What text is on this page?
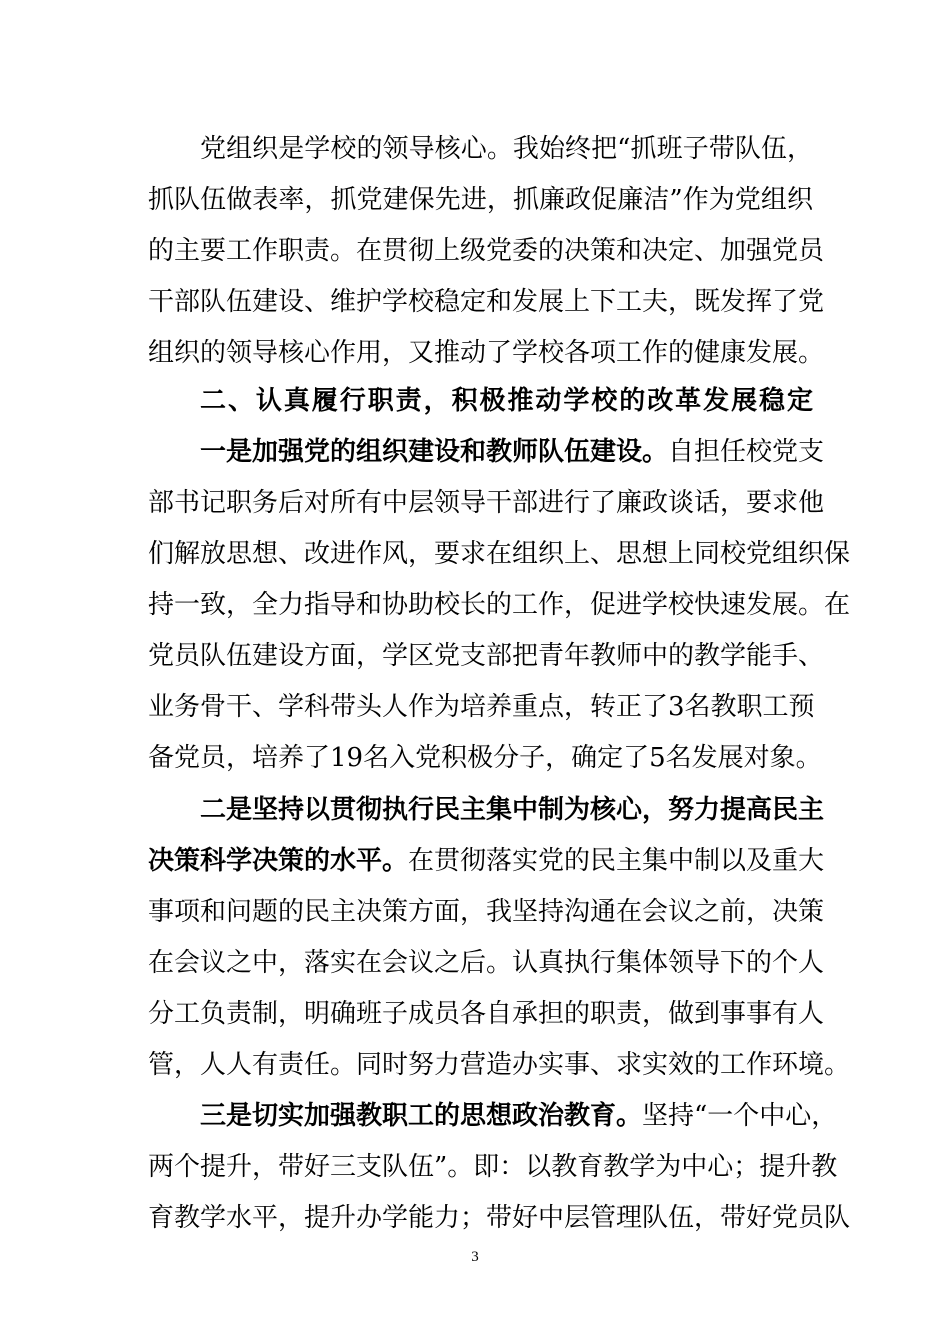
党组织是学校的领导核心。我始终把“抓班子带队伍，
抓队伍做表率，抓党建保先进，抓廉政促廉洁”作为党组织
的主要工作职责。在贯彻上级党委的决策和决定、加强党员
干部队伍建设、维护学校稳定和发展上下工夫，既发挥了党
组织的领导核心作用，又推动了学校各项工作的健康发展。
二、认真履行职责，积极推动学校的改革发展稳定
一是加强党的组织建设和教师队伍建设。自担任校党支
部书记职务后对所有中层领导干部进行了廉政谈话，要求他
们解放思想、改进作风，要求在组织上、思想上同校党组织保
持一致，全力指导和协助校长的工作，促进学校快速发展。在
党员队伍建设方面，学区党支部把青年教师中的教学能手、
业务骨干、学科带头人作为培养重点，转正了3名教职工预
备党员，培养了19名入党积极分子，确定了5名发展对象。
二是坚持以贯彻执行民主集中制为核心，努力提高民主
决策科学决策的水平。在贯彻落实党的民主集中制以及重大
事项和问题的民主决策方面，我坚持沟通在会议之前，决策
在会议之中，落实在会议之后。认真执行集体领导下的个人
分工负责制，明确班子成员各自承担的职责，做到事事有人
管，人人有责任。同时努力营造办实事、求实效的工作环境。
三是切实加强教职工的思想政治教育。坚持“一个中心，
两个提升，带好三支队伍”。即：以教育教学为中心；提升教
育教学水平，提升办学能力；带好中层管理队伍，带好党员队
3
